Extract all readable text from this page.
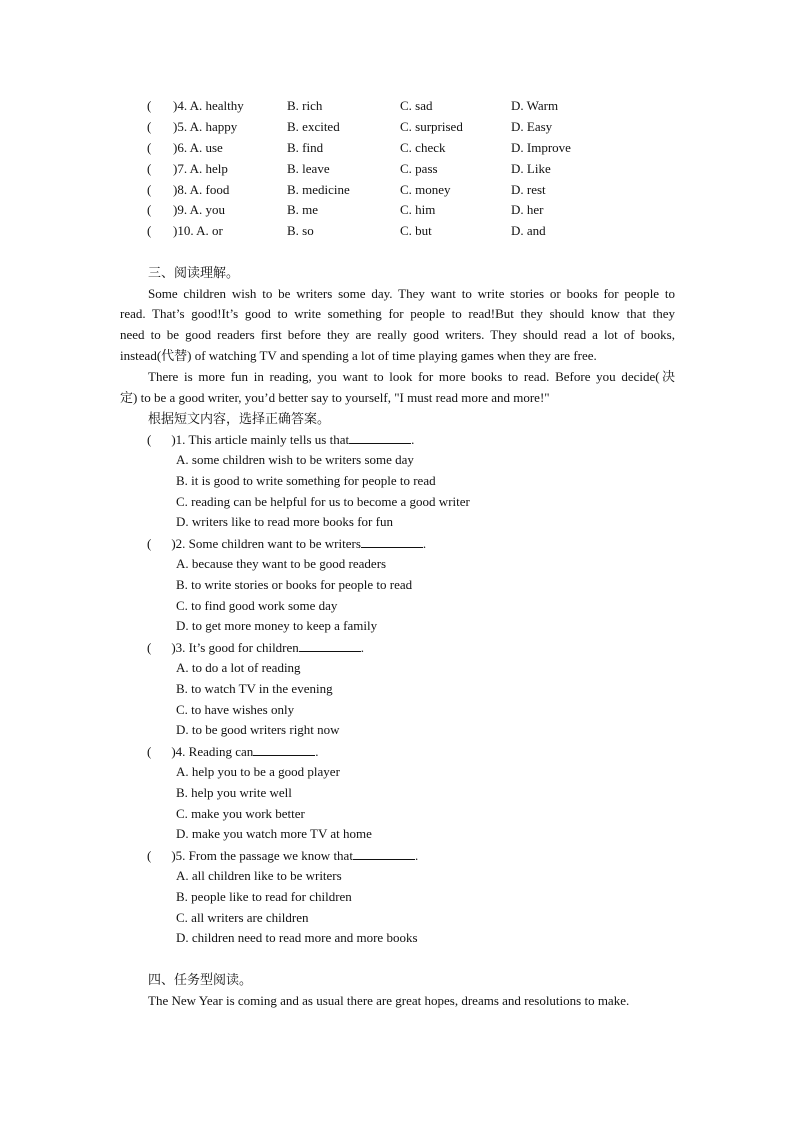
( )4. A. healthy	B. rich	C. sad	D. Warm
( )5. A. happy	B. excited	C. surprised	D. Easy
( )6. A. use	B. find	C. check	D. Improve
( )7. A. help	B. leave	C. pass	D. Like
( )8. A. food	B. medicine	C. money	D. rest
( )9. A. you	B. me	C. him	D. her
( )10. A. or	B. so	C. but	D. and
三、阅读理解。
Some children wish to be writers some day. They want to write stories or books for people to
read. That’s good!It’s good to write something for people to read!But they should know that they
need to be good readers first before they are really good writers. They should read a lot of books,
instead(代替) of watching TV and spending a lot of time playing games when they are free.
There is more fun in reading, you want to look for more books to read. Before you decide(决
定) to be a good writer, you’d better say to yourself, "I must read more and more!"
根据短文内容，选择正确答案。
( )1. This article mainly tells us that	.
A. some children wish to be writers some day
B. it is good to write something for people to read
C. reading can be helpful for us to become a good writer
D. writers like to read more books for fun
( )2. Some children want to be writers	.
A. because they want to be good readers
B. to write stories or books for people to read
C. to find good work some day
D. to get more money to keep a family
( )3. It’s good for children	.
A. to do a lot of reading
B. to watch TV in the evening
C. to have wishes only
D. to be good writers right now
( )4. Reading can	.
A. help you to be a good player
B. help you write well
C. make you work better
D. make you watch more TV at home
( )5. From the passage we know that	.
A. all children like to be writers
B. people like to read for children
C. all writers are children
D. children need to read more and more books
四、任务型阅读。
The New Year is coming and as usual there are great hopes, dreams and resolutions to make.
